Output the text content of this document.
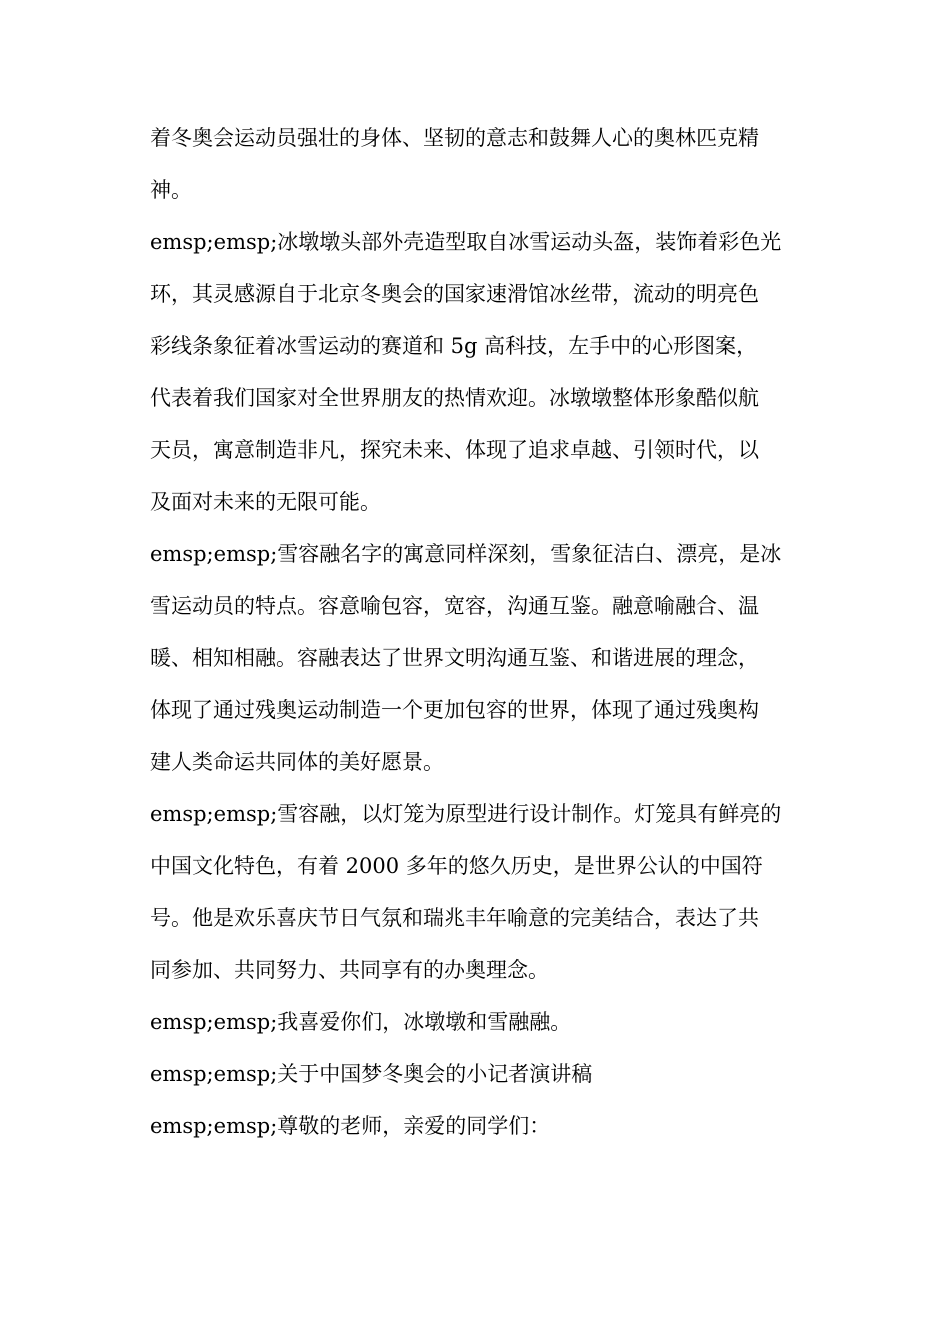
着冬奥会运动员强壮的身体、坚韧的意志和鼓舞人心的奥林匹克精
神。
emsp;emsp;冰墩墩头部外壳造型取自冰雪运动头盔，装饰着彩色光
环，其灵感源自于北京冬奥会的国家速滑馆冰丝带，流动的明亮色
彩线条象征着冰雪运动的赛道和 5g 高科技，左手中的心形图案，
代表着我们国家对全世界朋友的热情欢迎。冰墩墩整体形象酷似航
天员，寓意制造非凡，探究未来、体现了追求卓越、引领时代，以
及面对未来的无限可能。
emsp;emsp;雪容融名字的寓意同样深刻，雪象征洁白、漂亮，是冰
雪运动员的特点。容意喻包容，宽容，沟通互鉴。融意喻融合、温
暖、相知相融。容融表达了世界文明沟通互鉴、和谐进展的理念，
体现了通过残奥运动制造一个更加包容的世界，体现了通过残奥构
建人类命运共同体的美好愿景。
emsp;emsp;雪容融，以灯笼为原型进行设计制作。灯笼具有鲜亮的
中国文化特色，有着 2000 多年的悠久历史，是世界公认的中国符
号。他是欢乐喜庆节日气氛和瑞兆丰年喻意的完美结合，表达了共
同参加、共同努力、共同享有的办奥理念。
emsp;emsp;我喜爱你们，冰墩墩和雪融融。
emsp;emsp;关于中国梦冬奥会的小记者演讲稿
emsp;emsp;尊敬的老师，亲爱的同学们：
